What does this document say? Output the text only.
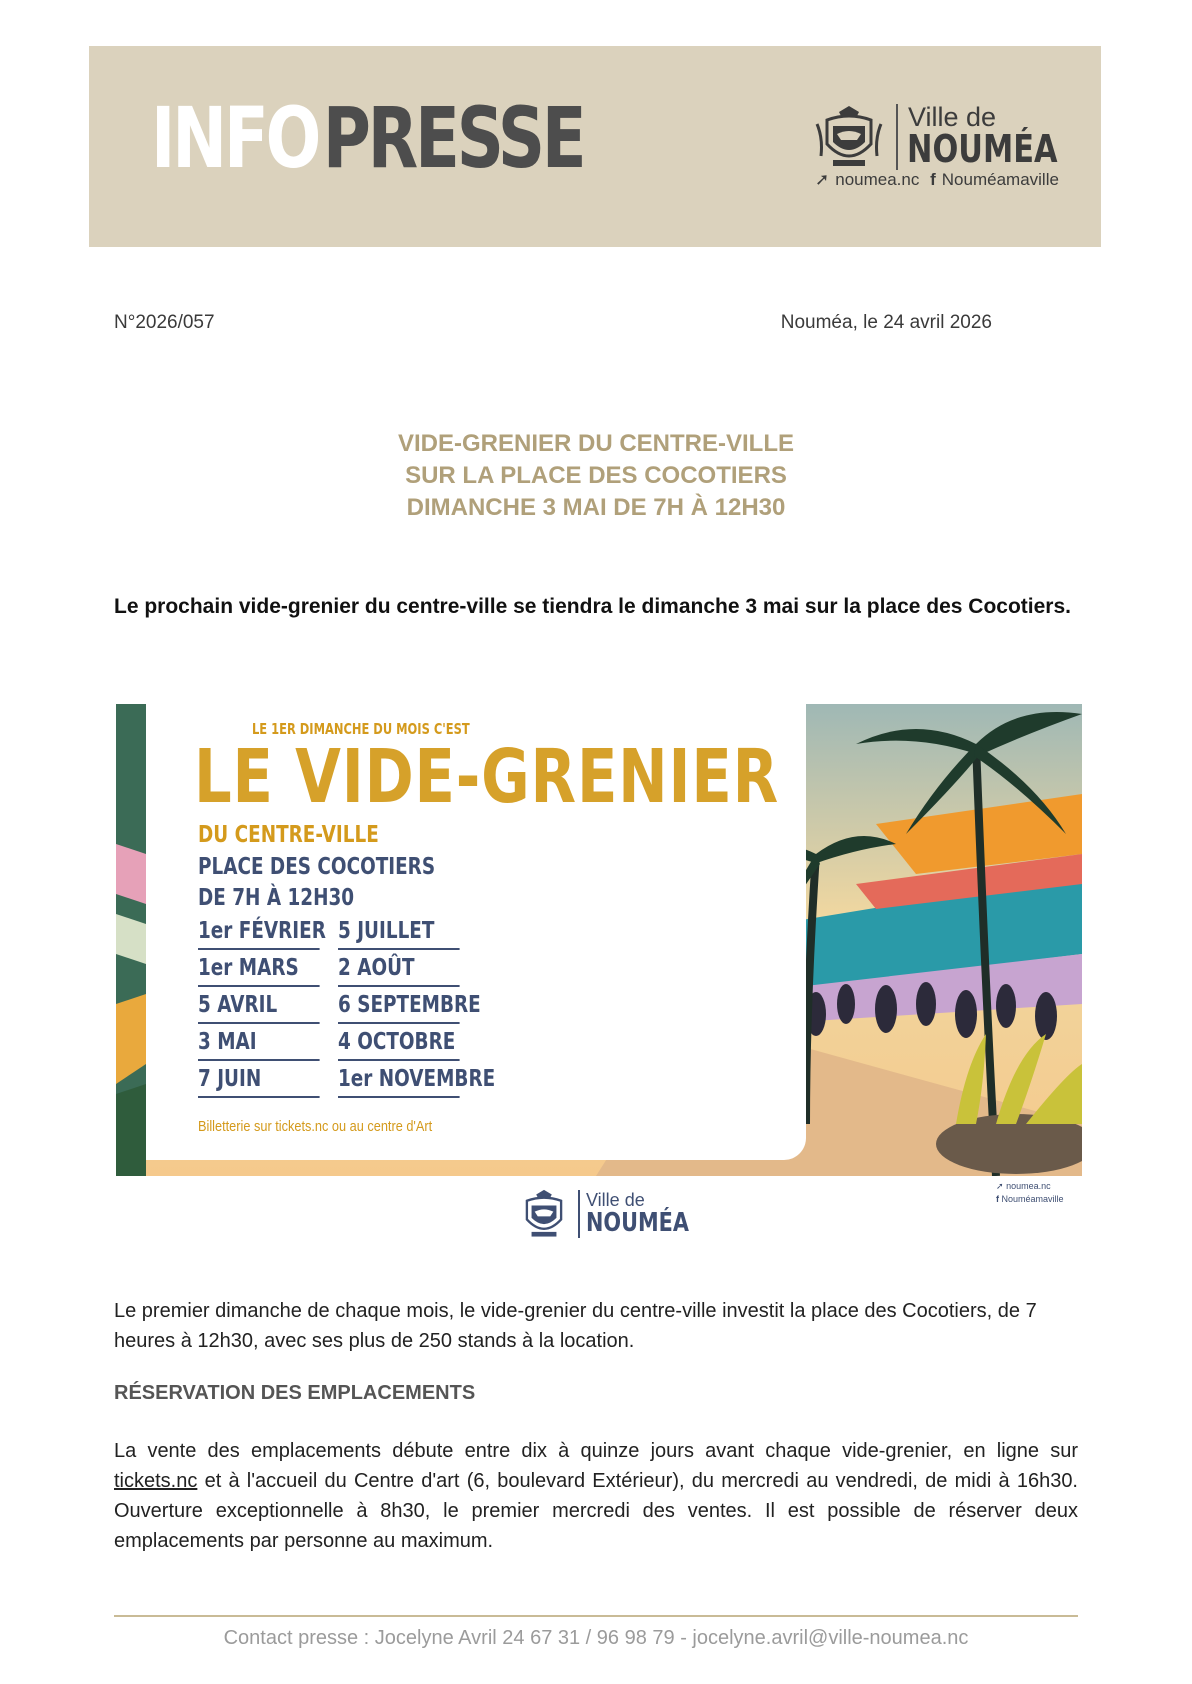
INFOPRESSE	Ville de
NOUMÉA
➚ noumea.nc f Nouméamaville
N°2026/057	Nouméa, le 24 avril 2026
VIDE-GRENIER DU CENTRE-VILLE
SUR LA PLACE DES COCOTIERS
DIMANCHE 3 MAI DE 7H À 12H30
Le prochain vide-grenier du centre-ville se tiendra le dimanche 3 mai sur la place des Cocotiers.
LE 1ER DIMANCHE DU MOIS C'EST
LE VIDE-GRENIER
DU CENTRE-VILLE
PLACE DES COCOTIERS
DE 7H À 12H30
1er FÉVRIER
1er MARS
5 AVRIL
3 MAI
7 JUIN
5 JUILLET
2 AOÛT
6 SEPTEMBRE
4 OCTOBRE
1er NOVEMBRE
Billetterie sur tickets.nc ou au centre d'Art
Ville de
NOUMÉA
➚ noumea.nc
f Nouméamaville
Le premier dimanche de chaque mois, le vide-grenier du centre-ville investit la place des Cocotiers, de 7 heures à 12h30, avec ses plus de 250 stands à la location.
RÉSERVATION DES EMPLACEMENTS
La vente des emplacements débute entre dix à quinze jours avant chaque vide-grenier, en ligne sur tickets.nc et à l'accueil du Centre d'art (6, boulevard Extérieur), du mercredi au vendredi, de midi à 16h30. Ouverture exceptionnelle à 8h30, le premier mercredi des ventes. Il est possible de réserver deux emplacements par personne au maximum.
Contact presse : Jocelyne Avril 24 67 31 / 96 98 79 - jocelyne.avril@ville-noumea.nc
